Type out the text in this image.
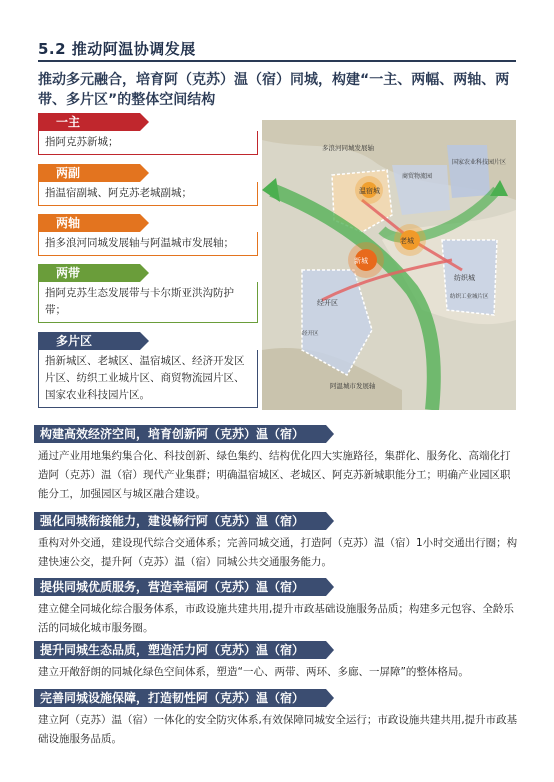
5.2 推动阿温协调发展
推动多元融合，培育阿（克苏）温（宿）同城，构建“一主、两幅、两轴、两带、多片区”的整体空间结构
一主
指阿克苏新城；
两副
指温宿副城、阿克苏老城副城；
两轴
指多浪河同城发展轴与阿温城市发展轴；
两带
指阿克苏生态发展带与卡尔斯亚洪沟防护带；
多片区
指新城区、老城区、温宿城区、经济开发区片区、纺织工业城片区、商贸物流园片区、国家农业科技园片区。
多浪河同城发展轴
阿温城市发展轴
温宿城
老城
新城
国家农业科技园片区
商贸物流园
经开区
纺织城
纺织工业城片区
经开区
构建高效经济空间，培育创新阿（克苏）温（宿）
通过产业用地集约集合化、科技创新、绿色集约、结构优化四大实施路径，集群化、服务化、高端化打造阿（克苏）温（宿）现代产业集群；明确温宿城区、老城区、阿克苏新城职能分工；明确产业园区职能分工，加强园区与城区融合建设。
强化同城衔接能力，建设畅行阿（克苏）温（宿）
重构对外交通，建设现代综合交通体系；完善同城交通，打造阿（克苏）温（宿）1小时交通出行圈；构建快速公交，提升阿（克苏）温（宿）同城公共交通服务能力。
提供同城优质服务，营造幸福阿（克苏）温（宿）
建立健全同城化综合服务体系，市政设施共建共用,提升市政基础设施服务品质；构建多元包容、全龄乐活的同城化城市服务圈。
提升同城生态品质，塑造活力阿（克苏）温（宿）
建立开敞舒朗的同城化绿色空间体系，塑造“一心、两带、两环、多廊、一屏障”的整体格局。
完善同城设施保障，打造韧性阿（克苏）温（宿）
建立阿（克苏）温（宿）一体化的安全防灾体系,有效保障同城安全运行；市政设施共建共用,提升市政基础设施服务品质。
